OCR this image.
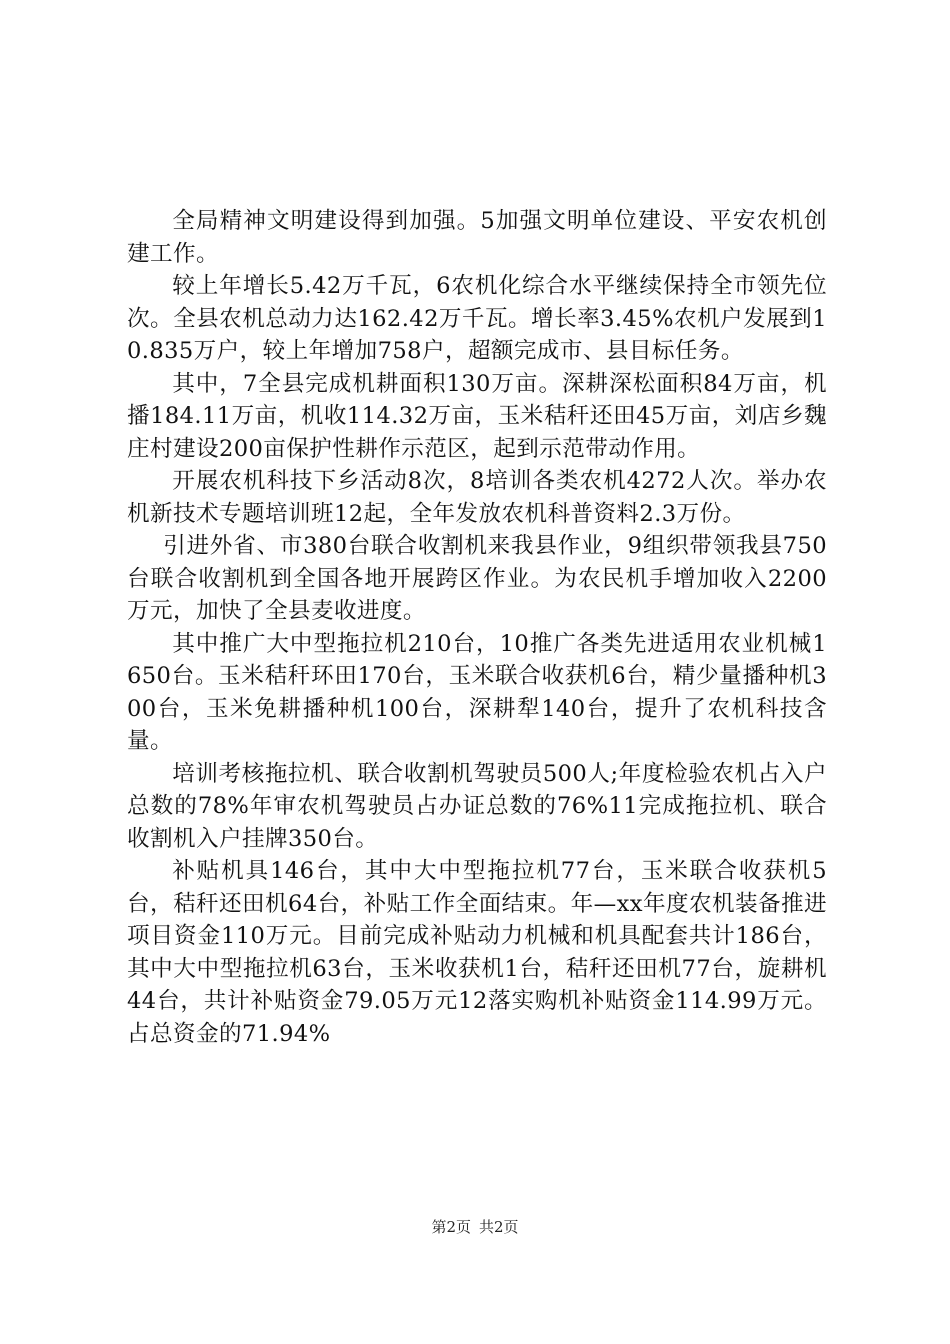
全局精神文明建设得到加强。5加强文明单位建设、平安农机创建工作。

较上年增长5.42万千瓦，6农机化综合水平继续保持全市领先位次。全县农机总动力达162.42万千瓦。增长率3.45%农机户发展到10.835万户，较上年增加758户，超额完成市、县目标任务。

其中，7全县完成机耕面积130万亩。深耕深松面积84万亩，机播184.11万亩，机收114.32万亩，玉米秸秆还田45万亩，刘店乡魏庄村建设200亩保护性耕作示范区，起到示范带动作用。

开展农机科技下乡活动8次，8培训各类农机4272人次。举办农机新技术专题培训班12起，全年发放农机科普资料2.3万份。

引进外省、市380台联合收割机来我县作业，9组织带领我县750台联合收割机到全国各地开展跨区作业。为农民机手增加收入2200万元，加快了全县麦收进度。

其中推广大中型拖拉机210台，10推广各类先进适用农业机械1650台。玉米秸秆环田170台，玉米联合收获机6台，精少量播种机300台，玉米免耕播种机100台，深耕犁140台，提升了农机科技含量。

培训考核拖拉机、联合收割机驾驶员500人;年度检验农机占入户总数的78%年审农机驾驶员占办证总数的76%11完成拖拉机、联合收割机入户挂牌350台。

补贴机具146台，其中大中型拖拉机77台，玉米联合收获机5台，秸秆还田机64台，补贴工作全面结束。年—xx年度农机装备推进项目资金110万元。目前完成补贴动力机械和机具配套共计186台，其中大中型拖拉机63台，玉米收获机1台，秸秆还田机77台，旋耕机44台，共计补贴资金79.05万元12落实购机补贴资金114.99万元。占总资金的71.94%

第2页 共2页
